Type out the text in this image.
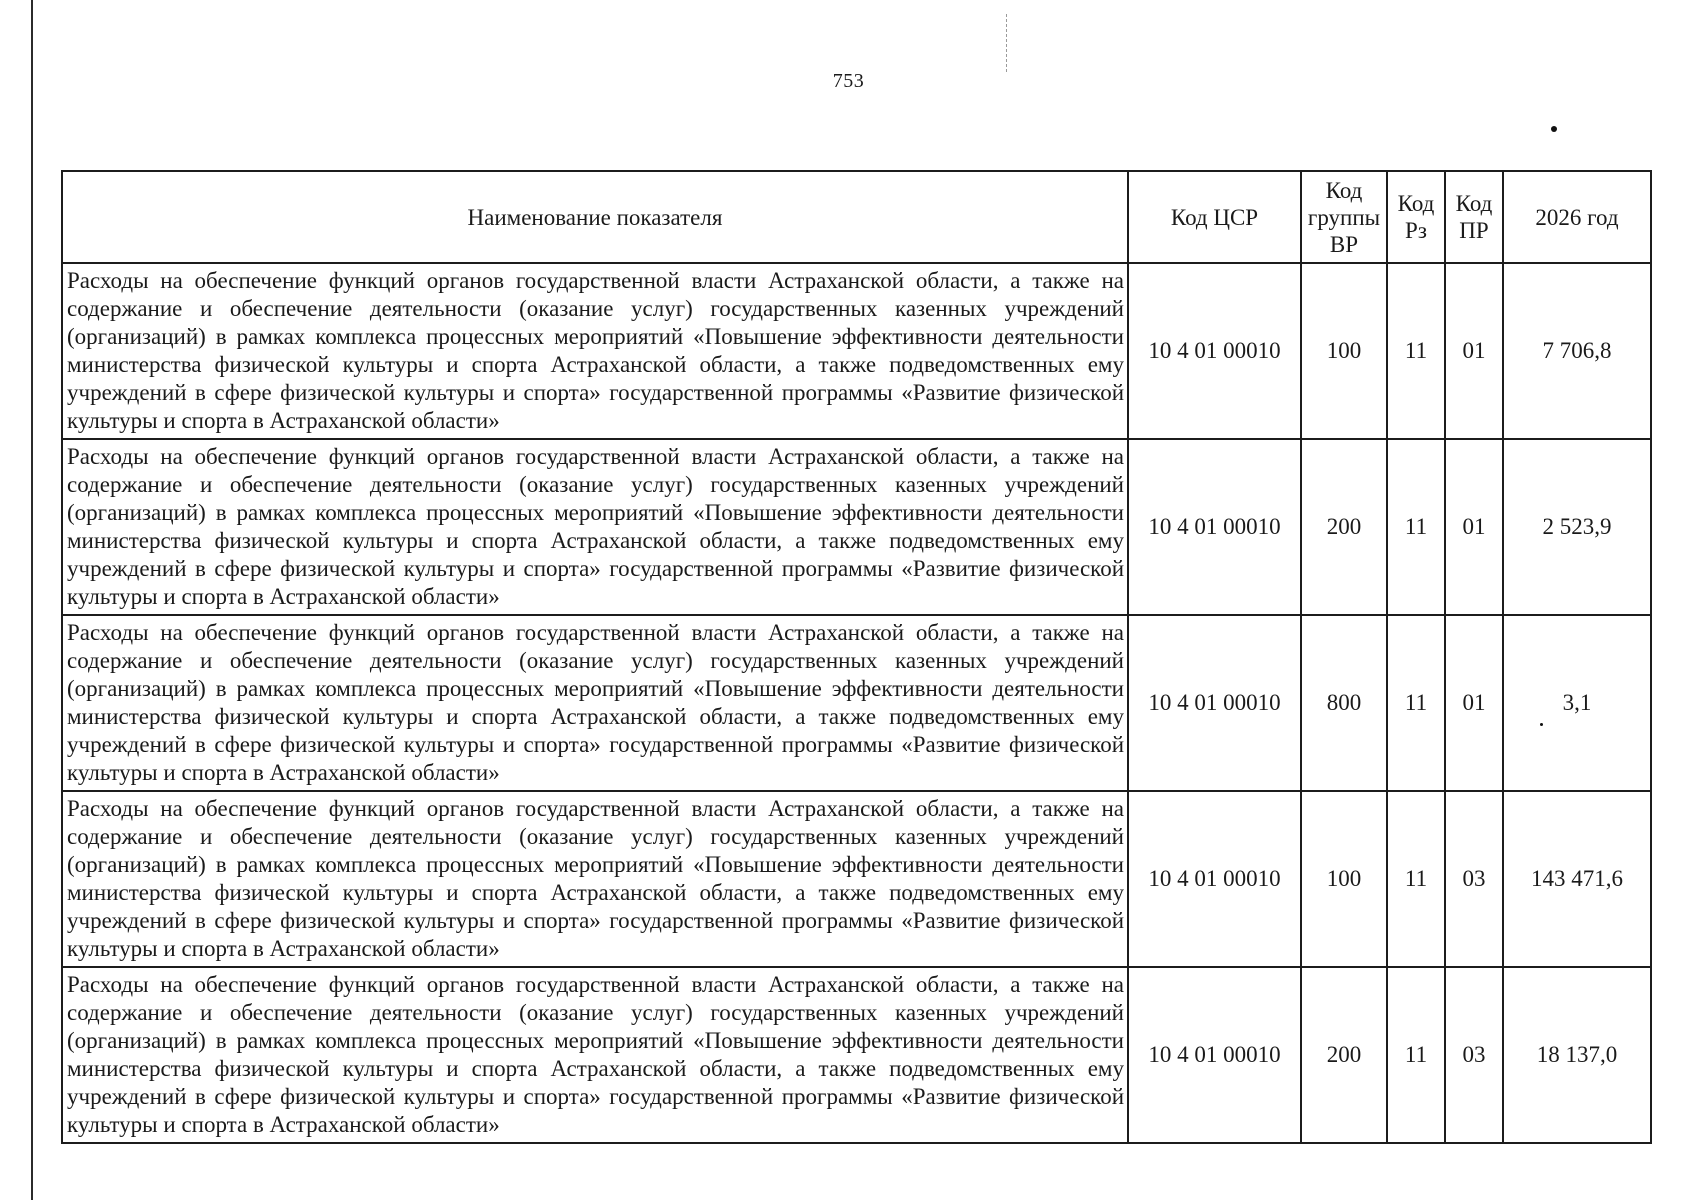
753
Наименование показателя	Код ЦСР	Код группы ВР	Код Рз	Код ПР	2026 год
Расходы на обеспечение функций органов государственной власти Астраханской области, а также на содержание и обеспечение деятельности (оказание услуг) государственных казенных учреждений (организаций) в рамках комплекса процессных мероприятий «Повышение эффективности деятельности министерства физической культуры и спорта Астраханской области, а также подведомственных ему учреждений в сфере физической культуры и спорта» государственной программы «Развитие физической культуры и спорта в Астраханской области»	10 4 01 00010	100	11	01	7 706,8
Расходы на обеспечение функций органов государственной власти Астраханской области, а также на содержание и обеспечение деятельности (оказание услуг) государственных казенных учреждений (организаций) в рамках комплекса процессных мероприятий «Повышение эффективности деятельности министерства физической культуры и спорта Астраханской области, а также подведомственных ему учреждений в сфере физической культуры и спорта» государственной программы «Развитие физической культуры и спорта в Астраханской области»	10 4 01 00010	200	11	01	2 523,9
Расходы на обеспечение функций органов государственной власти Астраханской области, а также на содержание и обеспечение деятельности (оказание услуг) государственных казенных учреждений (организаций) в рамках комплекса процессных мероприятий «Повышение эффективности деятельности министерства физической культуры и спорта Астраханской области, а также подведомственных ему учреждений в сфере физической культуры и спорта» государственной программы «Развитие физической культуры и спорта в Астраханской области»	10 4 01 00010	800	11	01	3,1
Расходы на обеспечение функций органов государственной власти Астраханской области, а также на содержание и обеспечение деятельности (оказание услуг) государственных казенных учреждений (организаций) в рамках комплекса процессных мероприятий «Повышение эффективности деятельности министерства физической культуры и спорта Астраханской области, а также подведомственных ему учреждений в сфере физической культуры и спорта» государственной программы «Развитие физической культуры и спорта в Астраханской области»	10 4 01 00010	100	11	03	143 471,6
Расходы на обеспечение функций органов государственной власти Астраханской области, а также на содержание и обеспечение деятельности (оказание услуг) государственных казенных учреждений (организаций) в рамках комплекса процессных мероприятий «Повышение эффективности деятельности министерства физической культуры и спорта Астраханской области, а также подведомственных ему учреждений в сфере физической культуры и спорта» государственной программы «Развитие физической культуры и спорта в Астраханской области»	10 4 01 00010	200	11	03	18 137,0
